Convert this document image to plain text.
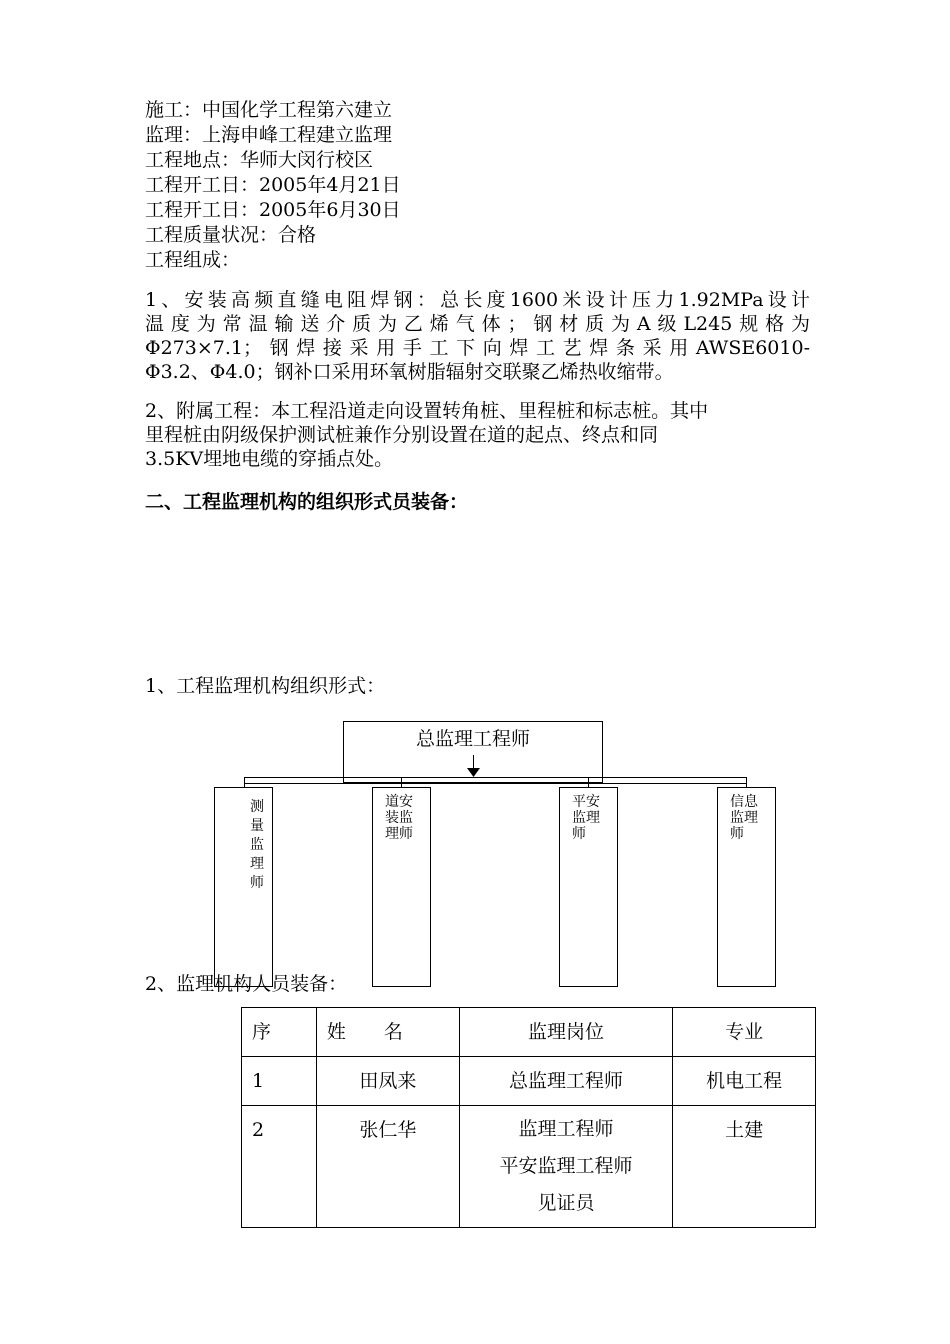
施工：中国化学工程第六建立
监理：上海申峰工程建立监理
工程地点：华师大闵行校区
工程开工日：2005年4月21日
工程开工日：2005年6月30日
工程质量状况：合格
工程组成：
1、安装高频直缝电阻焊钢：总长度1600米设计压力1.92MPa设计
温度为常温输送介质为乙烯气体；钢材质为A级L245规格为
Φ273×7.1；钢焊接采用手工下向焊工艺焊条采用AWSE6010-
Φ3.2、Φ4.0；钢补口采用环氧树脂辐射交联聚乙烯热收缩带。
2、附属工程：本工程沿道走向设置转角桩、里程桩和标志桩。其中
里程桩由阴级保护测试桩兼作分别设置在道的起点、终点和同
3.5KV埋地电缆的穿插点处。
二、工程监理机构的组织形式员装备：
1、工程监理机构组织形式：
总监理工程师
测量监理师
道安装监理师
平安监理师
信息监理师
2、监理机构人员装备：
序	姓　　名	监理岗位	专业

1	田凤来	总监理工程师	机电工程

2	张仁华	监理工程师
平安监理工程师
见证员	土建
